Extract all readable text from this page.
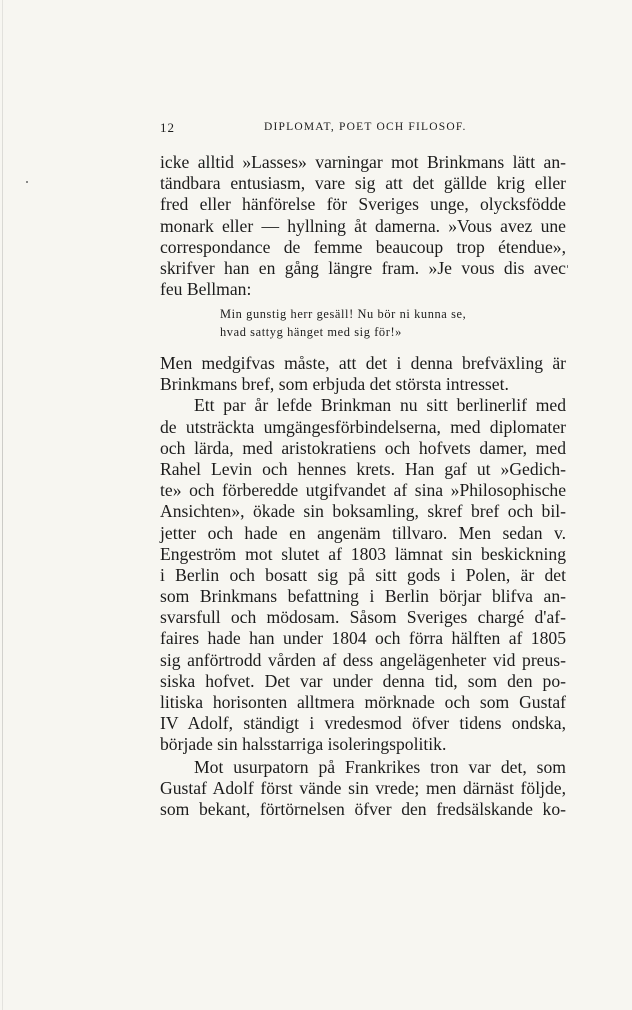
12	DIPLOMAT, POET OCH FILOSOF.
icke alltid »Lasses» varningar mot Brinkmans lätt an-
tändbara entusiasm, vare sig att det gällde krig eller
fred eller hänförelse för Sveriges unge, olycksfödde
monark eller — hyllning åt damerna. »Vous avez une
correspondance de femme beaucoup trop étendue»,
skrifver han en gång längre fram. »Je vous dis avec
feu Bellman:
Min gunstig herr gesäll! Nu bör ni kunna se,
hvad sattyg hänget med sig för!»
Men medgifvas måste, att det i denna brefväxling är
Brinkmans bref, som erbjuda det största intresset.
Ett par år lefde Brinkman nu sitt berlinerlif med
de utsträckta umgängesförbindelserna, med diplomater
och lärda, med aristokratiens och hofvets damer, med
Rahel Levin och hennes krets. Han gaf ut »Gedich-
te» och förberedde utgifvandet af sina »Philosophische
Ansichten», ökade sin boksamling, skref bref och bil-
jetter och hade en angenäm tillvaro. Men sedan v.
Engeström mot slutet af 1803 lämnat sin beskickning
i Berlin och bosatt sig på sitt gods i Polen, är det
som Brinkmans befattning i Berlin börjar blifva an-
svarsfull och mödosam. Såsom Sveriges chargé d'af-
faires hade han under 1804 och förra hälften af 1805
sig anförtrodd vården af dess angelägenheter vid preus-
siska hofvet. Det var under denna tid, som den po-
litiska horisonten alltmera mörknade och som Gustaf
IV Adolf, ständigt i vredesmod öfver tidens ondska,
började sin halsstarriga isoleringspolitik.
Mot usurpatorn på Frankrikes tron var det, som
Gustaf Adolf först vände sin vrede; men därnäst följde,
som bekant, förtörnelsen öfver den fredsälskande ko-
